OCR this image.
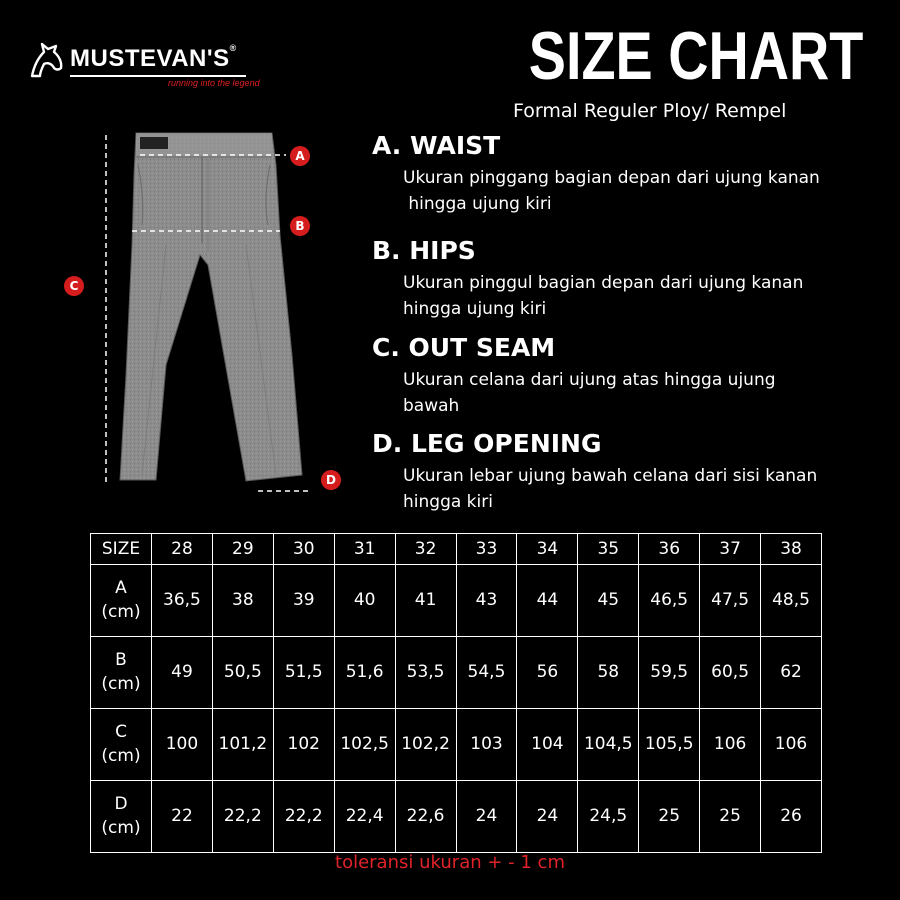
MUSTEVAN'S®
running into the legend	SIZE CHART
Formal Reguler Ploy/ Rempel
A
B
C
D
A. WAIST

Ukuran pinggang bagian depan dari ujung kanan
hingga ujung kiri

B. HIPS

Ukuran pinggul bagian depan dari ujung kanan
hingga ujung kiri

C. OUT SEAM

Ukuran celana dari ujung atas hingga ujung
bawah

D. LEG OPENING

Ukuran lebar ujung bawah celana dari sisi kanan
hingga kiri

SIZE	28	29	30	31	32	33	34	35	36	37	38
A
(cm)	36,5	38	39	40	41	43	44	45	46,5	47,5	48,5
B
(cm)	49	50,5	51,5	51,6	53,5	54,5	56	58	59,5	60,5	62
C
(cm)	100	101,2	102	102,5	102,2	103	104	104,5	105,5	106	106
D
(cm)	22	22,2	22,2	22,4	22,6	24	24	24,5	25	25	26
toleransi ukuran + - 1 cm
